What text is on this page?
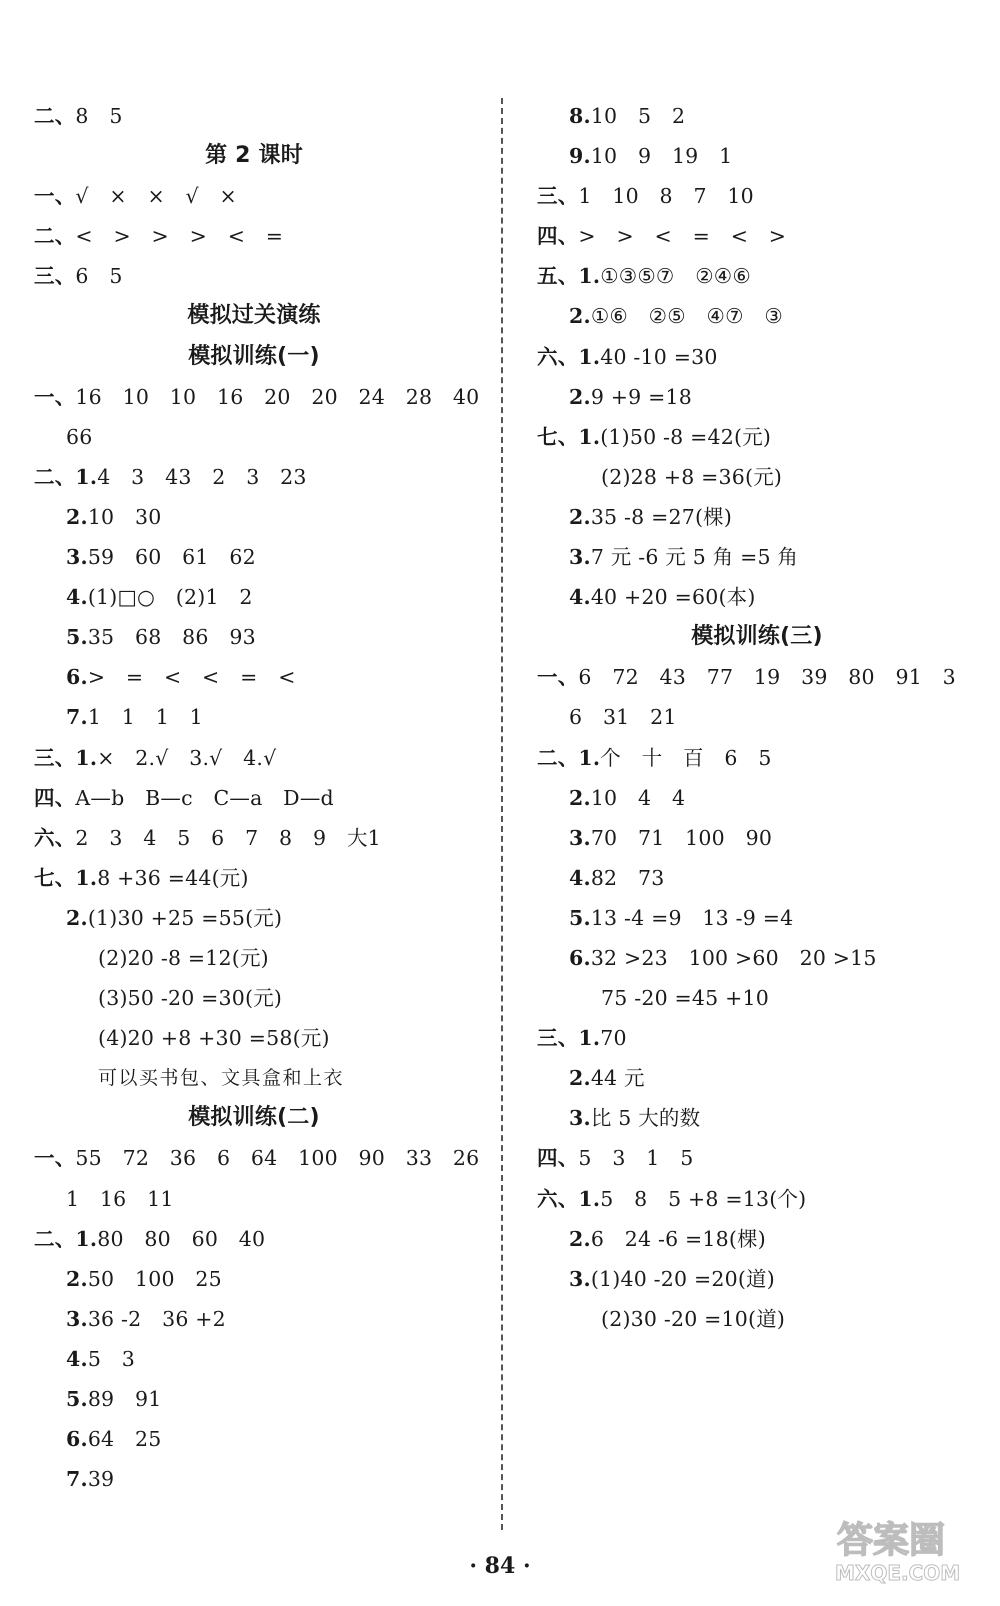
二、8　5
第 2 课时
一、√　×　×　√　×
二、<　>　>　>　<　=
三、6　5
模拟过关演练
模拟训练(一)
一、16　10　10　16　20　20　24　28　40
66
二、1.4　3　43　2　3　23
2.10　30
3.59　60　61　62
4.(1)□○　(2)1　2
5.35　68　86　93
6.>　=　<　<　=　<
7.1　1　1　1
三、1.×　2.√　3.√　4.√
四、A—b　B—c　C—a　D—d
六、2　3　4　5　6　7　8　9　大1
七、1.8 +36 =44(元)
2.(1)30 +25 =55(元)
(2)20 -8 =12(元)
(3)50 -20 =30(元)
(4)20 +8 +30 =58(元)
可以买书包、文具盒和上衣
模拟训练(二)
一、55　72　36　6　64　100　90　33　26
1　16　11
二、1.80　80　60　40
2.50　100　25
3.36 -2　36 +2
4.5　3
5.89　91
6.64　25
7.39
8.10　5　2
9.10　9　19　1
三、1　10　8　7　10
四、>　>　<　=　<　>
五、1.①③⑤⑦　②④⑥
2.①⑥　②⑤　④⑦　③
六、1.40 -10 =30
2.9 +9 =18
七、1.(1)50 -8 =42(元)
(2)28 +8 =36(元)
2.35 -8 =27(棵)
3.7 元 -6 元 5 角 =5 角
4.40 +20 =60(本)
模拟训练(三)
一、6　72　43　77　19　39　80　91　3
6　31　21
二、1.个　十　百　6　5
2.10　4　4
3.70　71　100　90
4.82　73
5.13 -4 =9　13 -9 =4
6.32 >23　100 >60　20 >15
75 -20 =45 +10
三、1.70
2.44 元
3.比 5 大的数
四、5　3　1　5
六、1.5　8　5 +8 =13(个)
2.6　24 -6 =18(棵)
3.(1)40 -20 =20(道)
(2)30 -20 =10(道)
· 84 ·
答案圈
MXQE.COM
